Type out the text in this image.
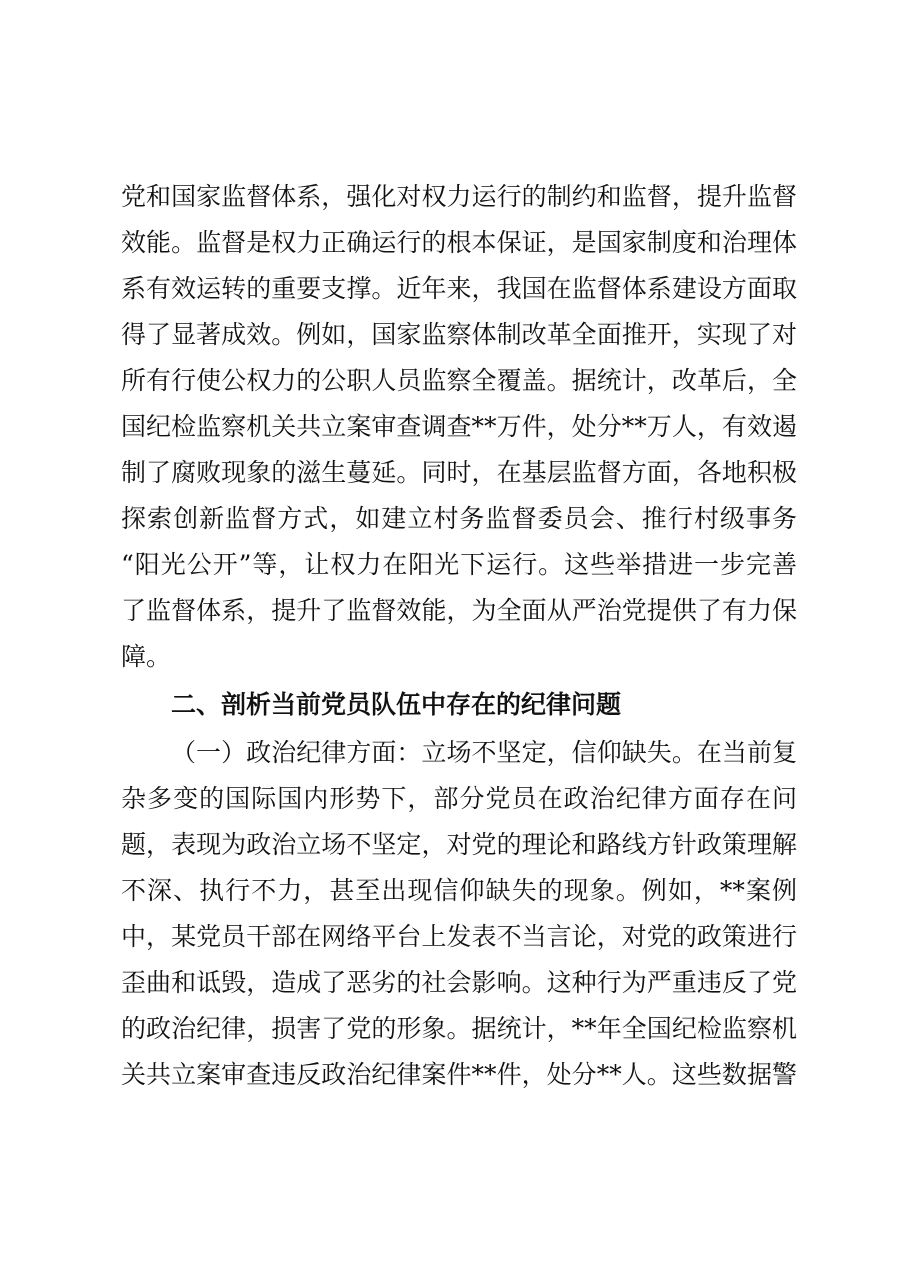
党和国家监督体系，强化对权力运行的制约和监督，提升监督
效能。监督是权力正确运行的根本保证，是国家制度和治理体
系有效运转的重要支撑。近年来，我国在监督体系建设方面取
得了显著成效。例如，国家监察体制改革全面推开，实现了对
所有行使公权力的公职人员监察全覆盖。据统计，改革后，全
国纪检监察机关共立案审查调查**万件，处分**万人，有效遏
制了腐败现象的滋生蔓延。同时，在基层监督方面，各地积极
探索创新监督方式，如建立村务监督委员会、推行村级事务
“阳光公开”等，让权力在阳光下运行。这些举措进一步完善
了监督体系，提升了监督效能，为全面从严治党提供了有力保
障。
二、剖析当前党员队伍中存在的纪律问题
（一）政治纪律方面：立场不坚定，信仰缺失。在当前复
杂多变的国际国内形势下，部分党员在政治纪律方面存在问
题，表现为政治立场不坚定，对党的理论和路线方针政策理解
不深、执行不力，甚至出现信仰缺失的现象。例如，**案例
中，某党员干部在网络平台上发表不当言论，对党的政策进行
歪曲和诋毁，造成了恶劣的社会影响。这种行为严重违反了党
的政治纪律，损害了党的形象。据统计，**年全国纪检监察机
关共立案审查违反政治纪律案件**件，处分**人。这些数据警
